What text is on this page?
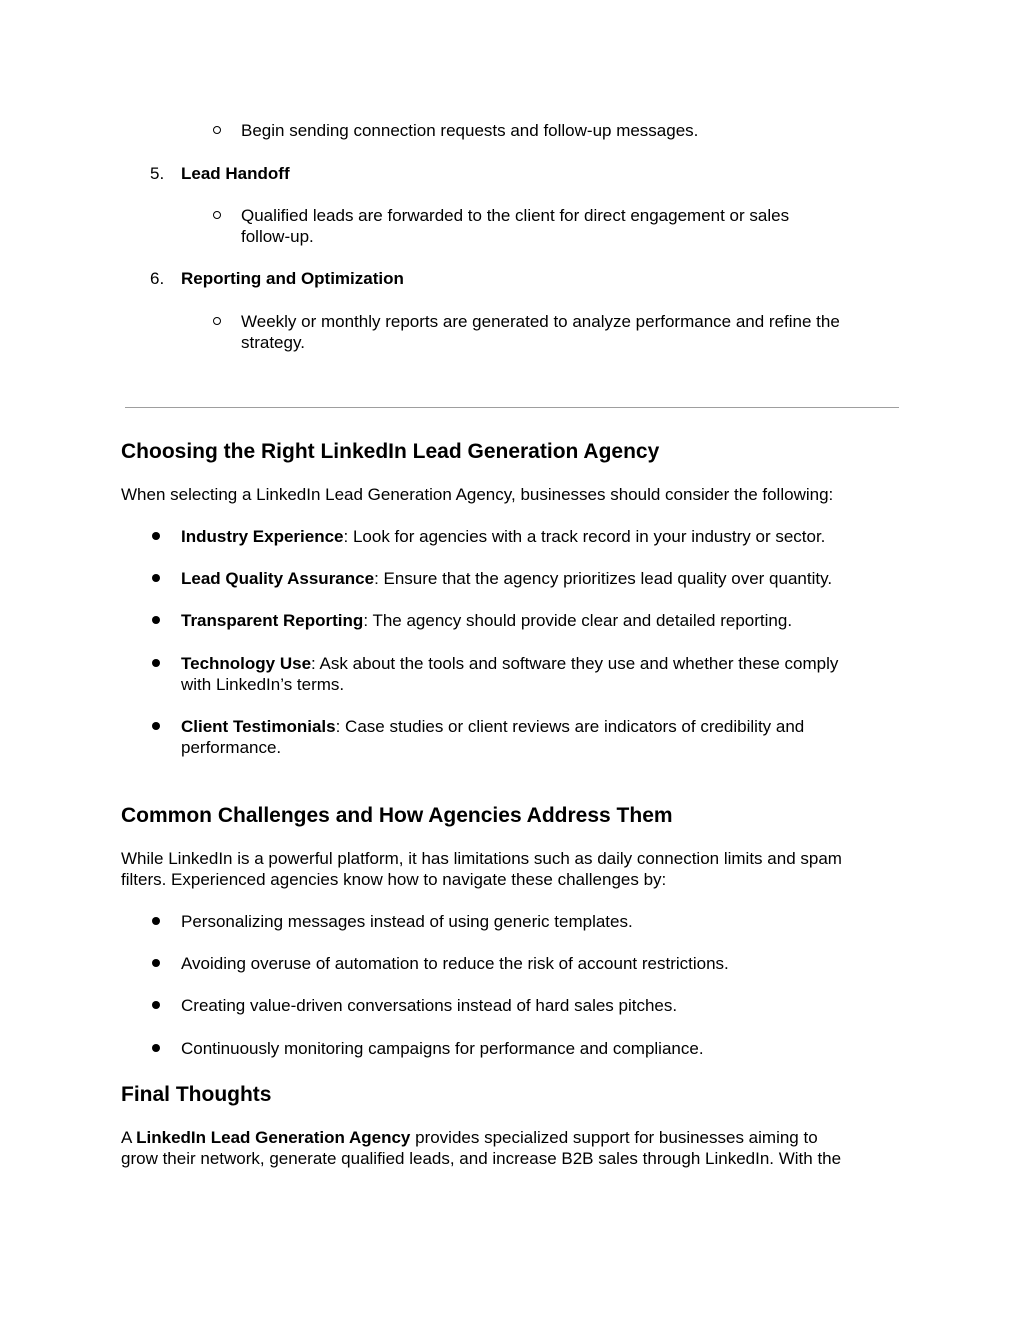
Begin sending connection requests and follow-up messages.

5. Lead Handoff

Qualified leads are forwarded to the client for direct engagement or sales

follow-up.

6. Reporting and Optimization

Weekly or monthly reports are generated to analyze performance and refine the

strategy.

Choosing the Right LinkedIn Lead Generation Agency

When selecting a LinkedIn Lead Generation Agency, businesses should consider the following:

Industry Experience: Look for agencies with a track record in your industry or sector.

Lead Quality Assurance: Ensure that the agency prioritizes lead quality over quantity.

Transparent Reporting: The agency should provide clear and detailed reporting.

Technology Use: Ask about the tools and software they use and whether these comply

with LinkedIn’s terms.

Client Testimonials: Case studies or client reviews are indicators of credibility and

performance.

Common Challenges and How Agencies Address Them

While LinkedIn is a powerful platform, it has limitations such as daily connection limits and spam

filters. Experienced agencies know how to navigate these challenges by:

Personalizing messages instead of using generic templates.

Avoiding overuse of automation to reduce the risk of account restrictions.

Creating value-driven conversations instead of hard sales pitches.

Continuously monitoring campaigns for performance and compliance.

Final Thoughts

A LinkedIn Lead Generation Agency provides specialized support for businesses aiming to

grow their network, generate qualified leads, and increase B2B sales through LinkedIn. With the
